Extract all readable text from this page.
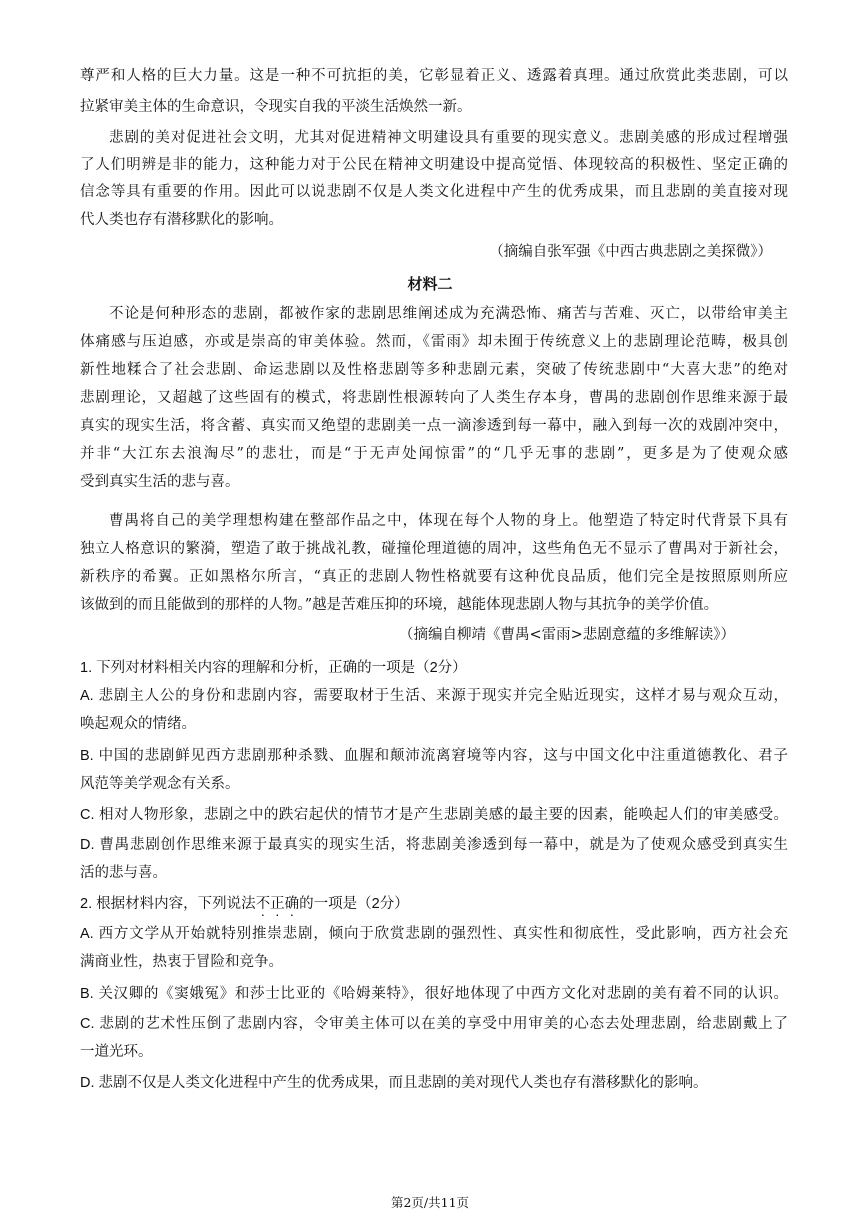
尊严和人格的巨大力量。这是一种不可抗拒的美，它彰显着正义、透露着真理。通过欣赏此类悲剧，可以
拉紧审美主体的生命意识，令现实自我的平淡生活焕然一新。
悲剧的美对促进社会文明，尤其对促进精神文明建设具有重要的现实意义。悲剧美感的形成过程增强
了人们明辨是非的能力，这种能力对于公民在精神文明建设中提高觉悟、体现较高的积极性、坚定正确的
信念等具有重要的作用。因此可以说悲剧不仅是人类文化进程中产生的优秀成果，而且悲剧的美直接对现
代人类也存有潜移默化的影响。
（摘编自张军强《中西古典悲剧之美探微》）
材料二
不论是何种形态的悲剧，都被作家的悲剧思维阐述成为充满恐怖、痛苦与苦难、灭亡，以带给审美主
体痛感与压迫感，亦或是崇高的审美体验。然而，《雷雨》却未囿于传统意义上的悲剧理论范畴，极具创
新性地糅合了社会悲剧、命运悲剧以及性格悲剧等多种悲剧元素，突破了传统悲剧中“大喜大悲”的绝对
悲剧理论，又超越了这些固有的模式，将悲剧性根源转向了人类生存本身，曹禺的悲剧创作思维来源于最
真实的现实生活，将含蓄、真实而又绝望的悲剧美一点一滴渗透到每一幕中，融入到每一次的戏剧冲突中，
并非“大江东去浪淘尽”的悲壮，而是“于无声处闻惊雷”的“几乎无事的悲剧”，更多是为了使观众感
受到真实生活的悲与喜。
曹禺将自己的美学理想构建在整部作品之中，体现在每个人物的身上。他塑造了特定时代背景下具有
独立人格意识的繁漪，塑造了敢于挑战礼教，碰撞伦理道德的周冲，这些角色无不显示了曹禺对于新社会，
新秩序的希翼。正如黑格尔所言，“真正的悲剧人物性格就要有这种优良品质，他们完全是按照原则所应
该做到的而且能做到的那样的人物。”越是苦难压抑的环境，越能体现悲剧人物与其抗争的美学价值。
（摘编自柳靖《曹禺<雷雨>悲剧意蕴的多维解读》）
1. 下列对材料相关内容的理解和分析，正确的一项是（2分）
A. 悲剧主人公的身份和悲剧内容，需要取材于生活、来源于现实并完全贴近现实，这样才易与观众互动，
唤起观众的情绪。
B. 中国的悲剧鲜见西方悲剧那种杀戮、血腥和颠沛流离窘境等内容，这与中国文化中注重道德教化、君子
风范等美学观念有关系。
C. 相对人物形象，悲剧之中的跌宕起伏的情节才是产生悲剧美感的最主要的因素，能唤起人们的审美感受。
D. 曹禺悲剧创作思维来源于最真实的现实生活，将悲剧美渗透到每一幕中，就是为了使观众感受到真实生
活的悲与喜。
2. 根据材料内容，下列说法不正确的一项是（2分）
A. 西方文学从开始就特别推崇悲剧，倾向于欣赏悲剧的强烈性、真实性和彻底性，受此影响，西方社会充
满商业性，热衷于冒险和竞争。
B. 关汉卿的《窦娥冤》和莎士比亚的《哈姆莱特》，很好地体现了中西方文化对悲剧的美有着不同的认识。
C. 悲剧的艺术性压倒了悲剧内容，令审美主体可以在美的享受中用审美的心态去处理悲剧，给悲剧戴上了
一道光环。
D. 悲剧不仅是人类文化进程中产生的优秀成果，而且悲剧的美对现代人类也存有潜移默化的影响。
第2页/共11页
